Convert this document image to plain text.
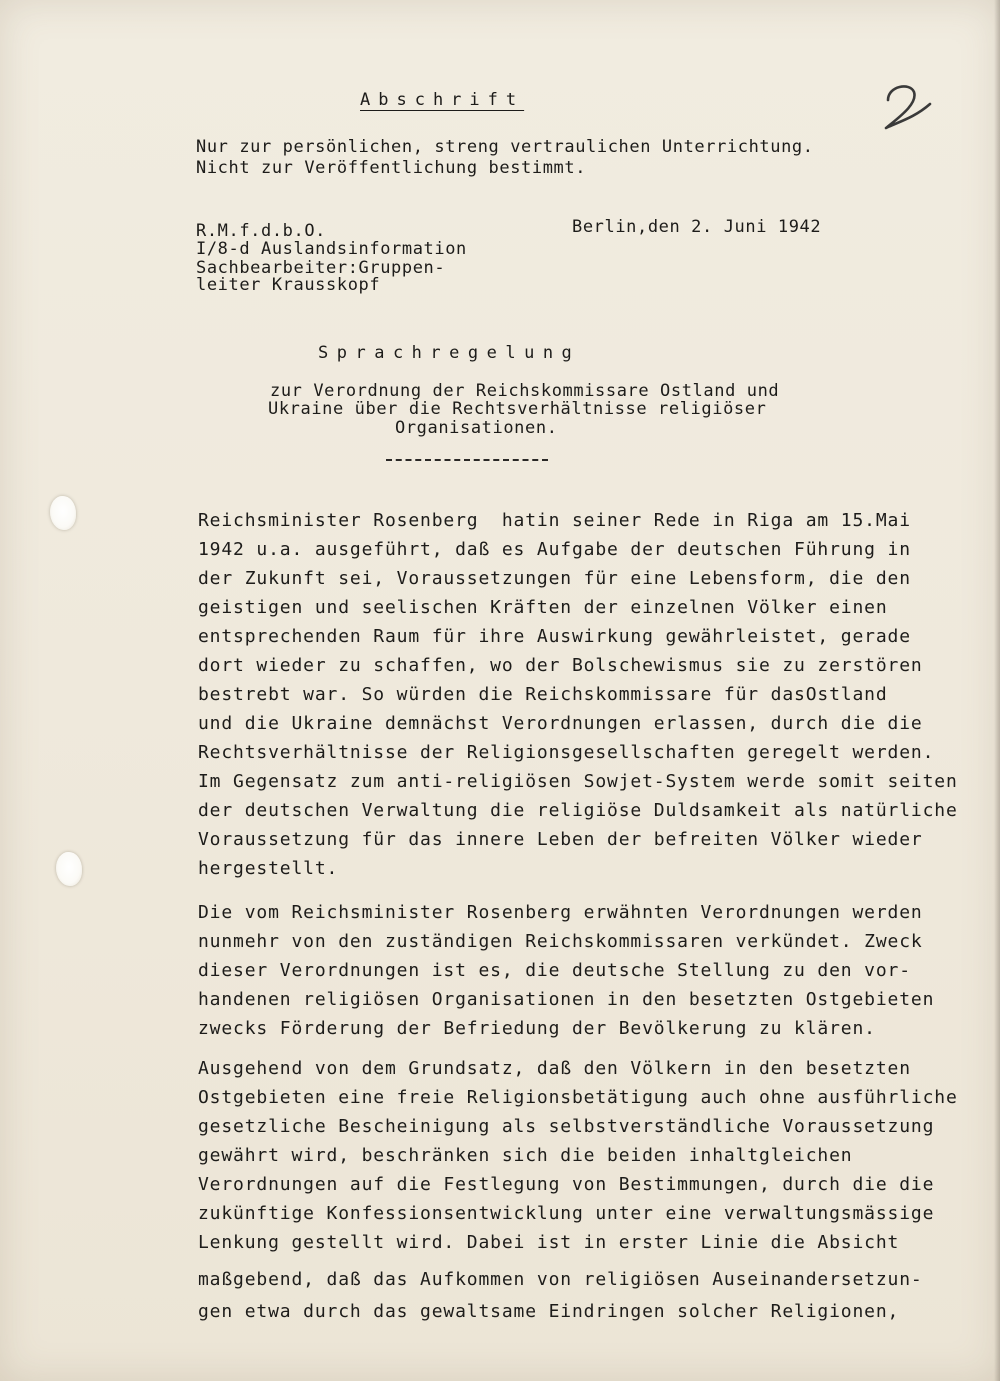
Abschrift
Nur zur persönlichen, streng vertraulichen Unterrichtung.
Nicht zur Veröffentlichung bestimmt.
R.M.f.d.b.O.
I/8-d Auslandsinformation
Sachbearbeiter:Gruppen-
leiter Krausskopf
Berlin,den 2. Juni 1942
Sprachregelung
zur Verordnung der Reichskommissare Ostland und
Ukraine über die Rechtsverhältnisse religiöser
Organisationen.
Reichsminister Rosenberg  hatin seiner Rede in Riga am 15.Mai
1942 u.a. ausgeführt, daß es Aufgabe der deutschen Führung in
der Zukunft sei, Voraussetzungen für eine Lebensform, die den
geistigen und seelischen Kräften der einzelnen Völker einen
entsprechenden Raum für ihre Auswirkung gewährleistet, gerade
dort wieder zu schaffen, wo der Bolschewismus sie zu zerstören
bestrebt war. So würden die Reichskommissare für dasOstland
und die Ukraine demnächst Verordnungen erlassen, durch die die
Rechtsverhältnisse der Religionsgesellschaften geregelt werden.
Im Gegensatz zum anti-religiösen Sowjet-System werde somit seiten
der deutschen Verwaltung die religiöse Duldsamkeit als natürliche
Voraussetzung für das innere Leben der befreiten Völker wieder
hergestellt.
Die vom Reichsminister Rosenberg erwähnten Verordnungen werden
nunmehr von den zuständigen Reichskommissaren verkündet. Zweck
dieser Verordnungen ist es, die deutsche Stellung zu den vor-
handenen religiösen Organisationen in den besetzten Ostgebieten
zwecks Förderung der Befriedung der Bevölkerung zu klären.
Ausgehend von dem Grundsatz, daß den Völkern in den besetzten
Ostgebieten eine freie Religionsbetätigung auch ohne ausführliche
gesetzliche Bescheinigung als selbstverständliche Voraussetzung
gewährt wird, beschränken sich die beiden inhaltgleichen
Verordnungen auf die Festlegung von Bestimmungen, durch die die
zukünftige Konfessionsentwicklung unter eine verwaltungsmässige
Lenkung gestellt wird. Dabei ist in erster Linie die Absicht
maßgebend, daß das Aufkommen von religiösen Auseinandersetzun-
gen etwa durch das gewaltsame Eindringen solcher Religionen,
